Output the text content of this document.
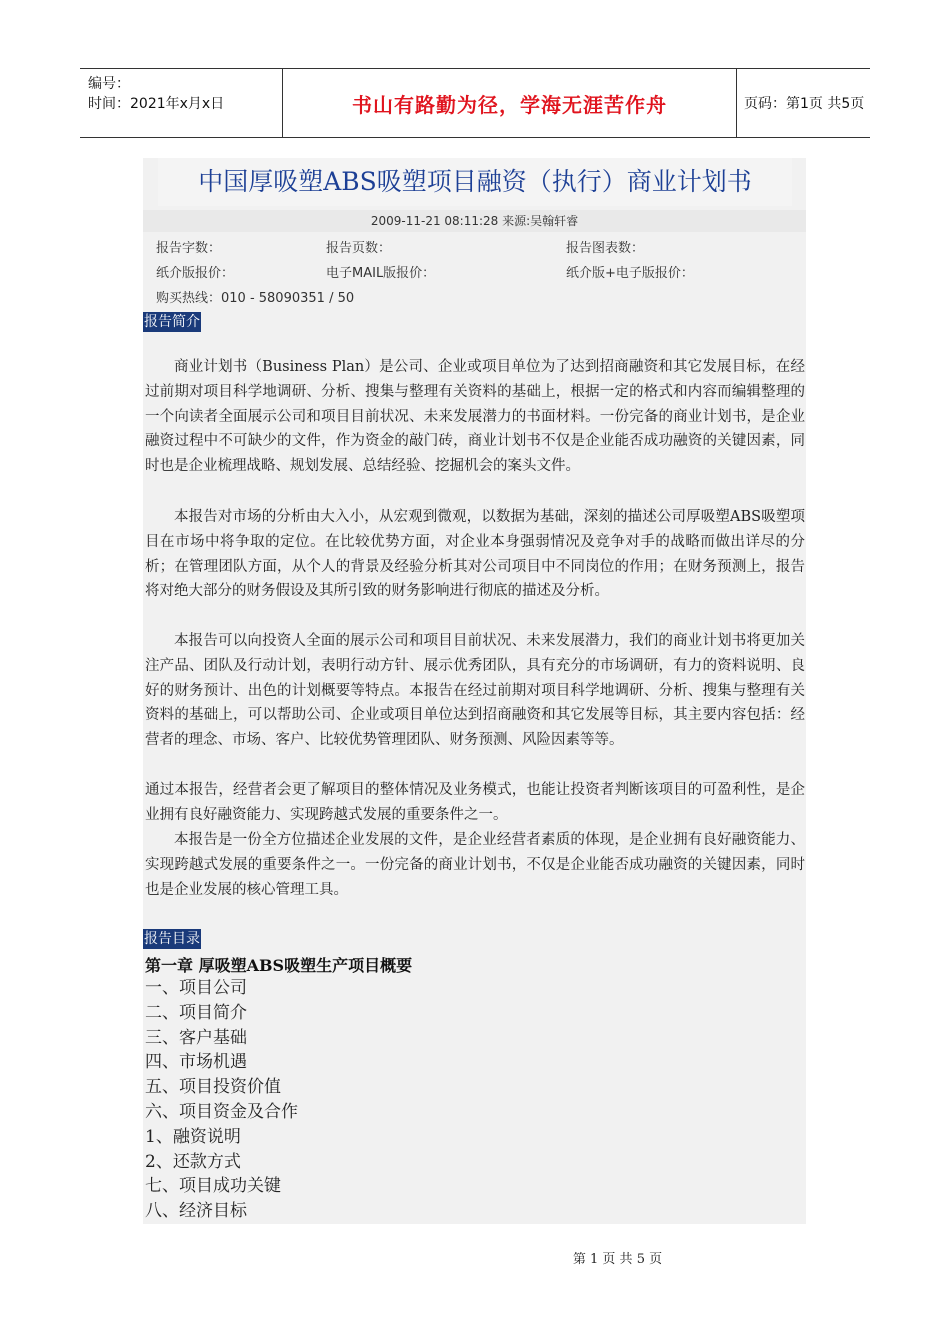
编号：
时间：2021年x月x日	书山有路勤为径，学海无涯苦作舟	页码：第1页 共5页
中国厚吸塑ABS吸塑项目融资（执行）商业计划书
2009-11-21 08:11:28 来源:吴翰轩睿
报告字数：	报告页数：	报告图表数：
纸介版报价：	电子MAIL版报价：	纸介版+电子版报价：
购买热线：010 - 58090351 / 50
报告简介
商业计划书（Business Plan）是公司、企业或项目单位为了达到招商融资和其它发展目标，在经过前期对项目科学地调研、分析、搜集与整理有关资料的基础上，根据一定的格式和内容而编辑整理的一个向读者全面展示公司和项目目前状况、未来发展潜力的书面材料。一份完备的商业计划书，是企业融资过程中不可缺少的文件，作为资金的敲门砖，商业计划书不仅是企业能否成功融资的关键因素，同时也是企业梳理战略、规划发展、总结经验、挖掘机会的案头文件。
本报告对市场的分析由大入小，从宏观到微观，以数据为基础，深刻的描述公司厚吸塑ABS吸塑项目在市场中将争取的定位。在比较优势方面，对企业本身强弱情况及竞争对手的战略而做出详尽的分析；在管理团队方面，从个人的背景及经验分析其对公司项目中不同岗位的作用；在财务预测上，报告将对绝大部分的财务假设及其所引致的财务影响进行彻底的描述及分析。
本报告可以向投资人全面的展示公司和项目目前状况、未来发展潜力，我们的商业计划书将更加关注产品、团队及行动计划，表明行动方针、展示优秀团队，具有充分的市场调研，有力的资料说明、良好的财务预计、出色的计划概要等特点。本报告在经过前期对项目科学地调研、分析、搜集与整理有关资料的基础上，可以帮助公司、企业或项目单位达到招商融资和其它发展等目标，其主要内容包括：经营者的理念、市场、客户、比较优势管理团队、财务预测、风险因素等等。
通过本报告，经营者会更了解项目的整体情况及业务模式，也能让投资者判断该项目的可盈利性，是企业拥有良好融资能力、实现跨越式发展的重要条件之一。
本报告是一份全方位描述企业发展的文件，是企业经营者素质的体现，是企业拥有良好融资能力、实现跨越式发展的重要条件之一。一份完备的商业计划书，不仅是企业能否成功融资的关键因素，同时也是企业发展的核心管理工具。
报告目录
第一章 厚吸塑ABS吸塑生产项目概要
一、项目公司
二、项目简介
三、客户基础
四、市场机遇
五、项目投资价值
六、项目资金及合作
1、融资说明
2、还款方式
七、项目成功关键
八、经济目标
第 1 页 共 5 页
